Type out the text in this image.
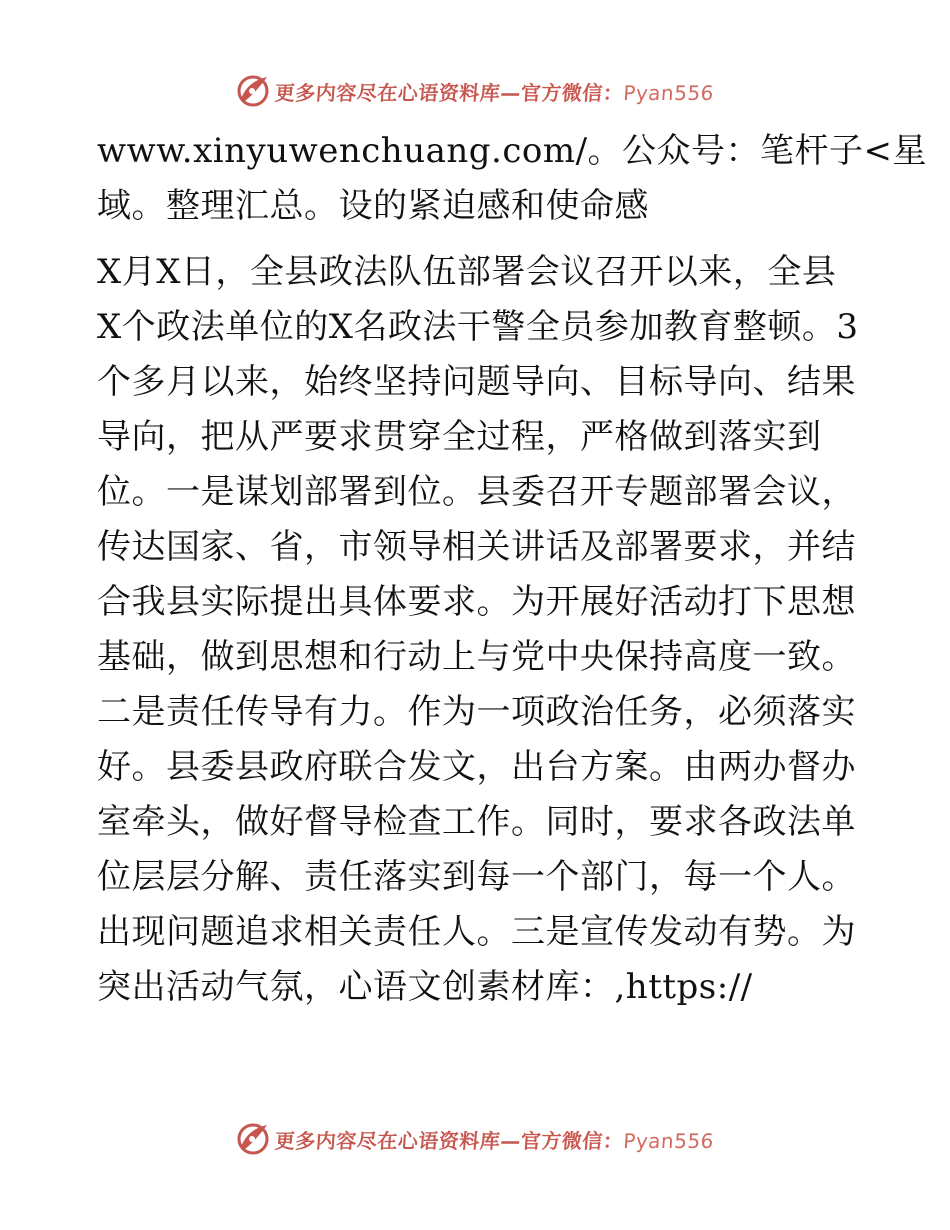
更多内容尽在心语资料库—官方微信：Pyan556
www.xinyuwenchuang.com/。公众号：笔杆子<星
域。整理汇总。设的紧迫感和使命感
X月X日，全县政法队伍部署会议召开以来，全县
X个政法单位的X名政法干警全员参加教育整顿。3
个多月以来，始终坚持问题导向、目标导向、结果
导向，把从严要求贯穿全过程，严格做到落实到
位。一是谋划部署到位。县委召开专题部署会议，
传达国家、省，市领导相关讲话及部署要求，并结
合我县实际提出具体要求。为开展好活动打下思想
基础，做到思想和行动上与党中央保持高度一致。
二是责任传导有力。作为一项政治任务，必须落实
好。县委县政府联合发文，出台方案。由两办督办
室牵头，做好督导检查工作。同时，要求各政法单
位层层分解、责任落实到每一个部门，每一个人。
出现问题追求相关责任人。三是宣传发动有势。为
突出活动气氛，心语文创素材库：,https://
更多内容尽在心语资料库—官方微信：Pyan556
